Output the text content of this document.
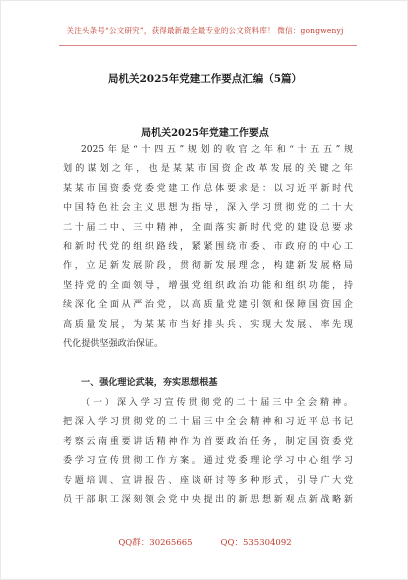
关注头条号“公文研究”，获得最新最全最专业的公文资料库！ 微信：gongwenyj
局机关2025年党建工作要点汇编（5篇）
局机关2025年党建工作要点
2025年是“十四五”规划的收官之年和“十五五”规
划的谋划之年，也是某某市国资企改革发展的关键之年
某某市国资委党委党建工作总体要求是：以习近平新时代
中国特色社会主义思想为指导，深入学习贯彻党的二十大
二十届二中、三中精神，全面落实新时代党的建设总要求
和新时代党的组织路线，紧紧围绕市委、市政府的中心工
作，立足新发展阶段，贯彻新发展理念，构建新发展格局
坚持党的全面领导，增强党组织政治功能和组织功能，持
续深化全面从严治党，以高质量党建引领和保障国资国企
高质量发展，为某某市当好排头兵、实现大发展、率先现
代化提供坚强政治保证。
一、强化理论武装，夯实思想根基
（一）深入学习宣传贯彻党的二十届三中全会精神。
把深入学习贯彻党的二十届三中全会精神和习近平总书记
考察云南重要讲话精神作为首要政治任务，制定国资委党
委学习宣传贯彻工作方案。通过党委理论学习中心组学习
专题培训、宣讲报告、座谈研讨等多种形式，引导广大党
员干部职工深刻领会党中央提出的新思想新观点新战略新
QQ群：30265665	QQ：535304092
